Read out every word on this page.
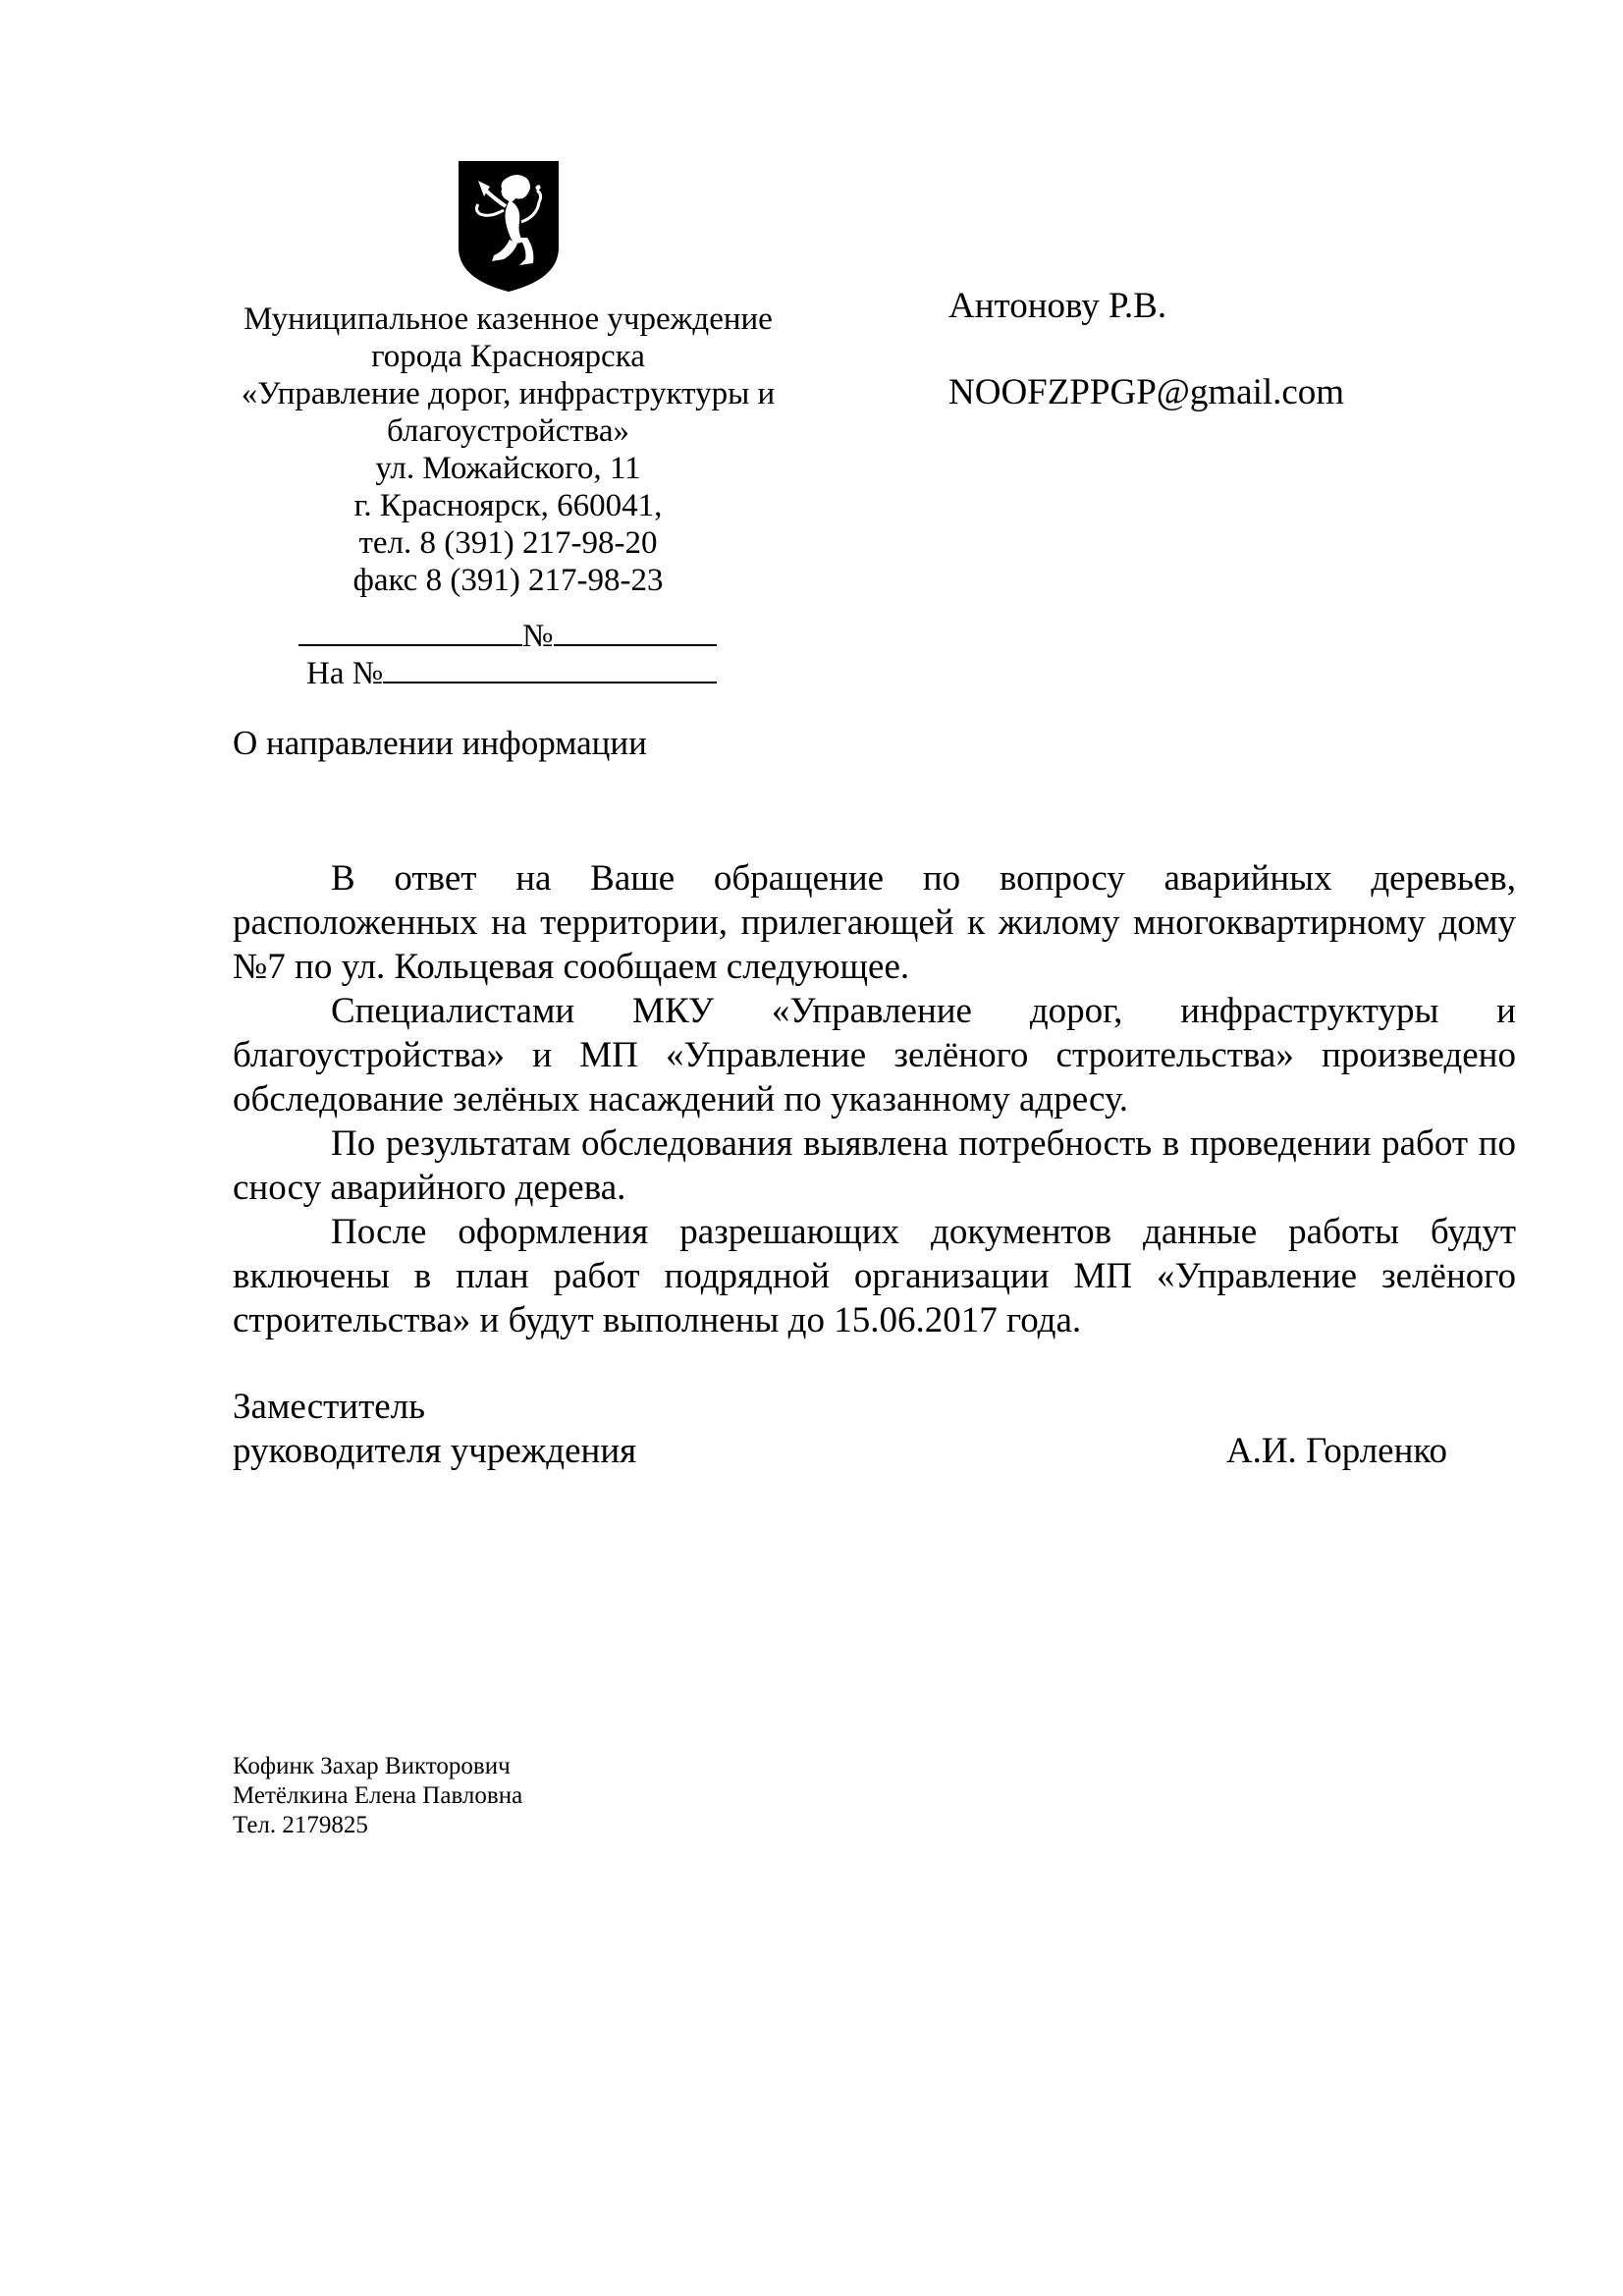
Муниципальное казенное учреждение
города Красноярска
«Управление дорог, инфраструктуры и
благоустройства»
ул. Можайского, 11
г. Красноярск, 660041,
тел. 8 (391) 217-98-20
факс 8 (391) 217-98-23
№
На №
Антонову Р.В.
NOOFZPPGP@gmail.com
О направлении информации

В ответ на Ваше обращение по вопросу аварийных деревьев, расположенных на территории, прилегающей к жилому многоквартирному дому №7 по ул. Кольцевая сообщаем следующее.

Специалистами МКУ «Управление дорог, инфраструктуры и благоустройства» и МП «Управление зелёного строительства» произведено обследование зелёных насаждений по указанному адресу.

По результатам обследования выявлена потребность в проведении работ по сносу аварийного дерева.

После оформления разрешающих документов данные работы будут включены в план работ подрядной организации МП «Управление зелёного строительства» и будут выполнены до 15.06.2017 года.

Заместитель
руководителя учреждения	А.И. Горленко
Кофинк Захар Викторович
Метёлкина Елена Павловна
Тел. 2179825
